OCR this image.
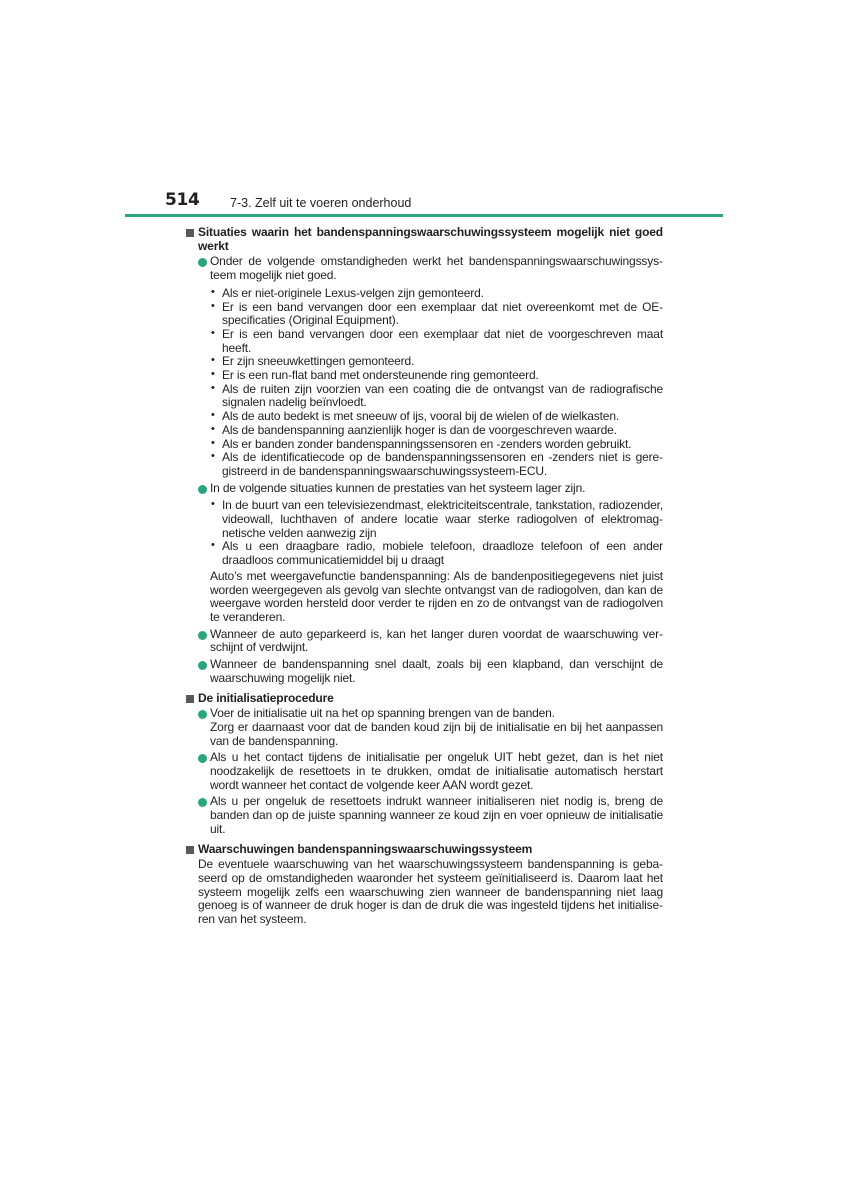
514 7-3. Zelf uit te voeren onderhoud
Situaties waarin het bandenspanningswaarschuwingssysteem mogelijk niet goed werkt
Onder de volgende omstandigheden werkt het bandenspanningswaarschuwingssysteem mogelijk niet goed.
• Als er niet-originele Lexus-velgen zijn gemonteerd.
• Er is een band vervangen door een exemplaar dat niet overeenkomt met de OE-specificaties (Original Equipment).
• Er is een band vervangen door een exemplaar dat niet de voorgeschreven maat heeft.
• Er zijn sneeuwkettingen gemonteerd.
• Er is een run-flat band met ondersteunende ring gemonteerd.
• Als de ruiten zijn voorzien van een coating die de ontvangst van de radiografische signalen nadelig beïnvloedt.
• Als de auto bedekt is met sneeuw of ijs, vooral bij de wielen of de wielkasten.
• Als de bandenspanning aanzienlijk hoger is dan de voorgeschreven waarde.
• Als er banden zonder bandenspanningssensoren en -zenders worden gebruikt.
• Als de identificatiecode op de bandenspanningssensoren en -zenders niet is geregistreerd in de bandenspanningswaarschuwingssysteem-ECU.
In de volgende situaties kunnen de prestaties van het systeem lager zijn.
• In de buurt van een televisiezendmast, elektriciteitscentrale, tankstation, radiozender, videowall, luchthaven of andere locatie waar sterke radiogolven of elektromagnetische velden aanwezig zijn
• Als u een draagbare radio, mobiele telefoon, draadloze telefoon of een ander draadloos communicatiemiddel bij u draagt
Auto’s met weergavefunctie bandenspanning: Als de bandenpositiegegevens niet juist worden weergegeven als gevolg van slechte ontvangst van de radiogolven, dan kan de weergave worden hersteld door verder te rijden en zo de ontvangst van de radiogolven te veranderen.
Wanneer de auto geparkeerd is, kan het langer duren voordat de waarschuwing verschijnt of verdwijnt.
Wanneer de bandenspanning snel daalt, zoals bij een klapband, dan verschijnt de waarschuwing mogelijk niet.
De initialisatieprocedure
Voer de initialisatie uit na het op spanning brengen van de banden.
Zorg er daarnaast voor dat de banden koud zijn bij de initialisatie en bij het aanpassen van de bandenspanning.
Als u het contact tijdens de initialisatie per ongeluk UIT hebt gezet, dan is het niet noodzakelijk de resettoets in te drukken, omdat de initialisatie automatisch herstart wordt wanneer het contact de volgende keer AAN wordt gezet.
Als u per ongeluk de resettoets indrukt wanneer initialiseren niet nodig is, breng de banden dan op de juiste spanning wanneer ze koud zijn en voer opnieuw de initialisatie uit.
Waarschuwingen bandenspanningswaarschuwingssysteem
De eventuele waarschuwing van het waarschuwingssysteem bandenspanning is gebaseerd op de omstandigheden waaronder het systeem geïnitialiseerd is. Daarom laat het systeem mogelijk zelfs een waarschuwing zien wanneer de bandenspanning niet laag genoeg is of wanneer de druk hoger is dan de druk die was ingesteld tijdens het initialiseren van het systeem.
